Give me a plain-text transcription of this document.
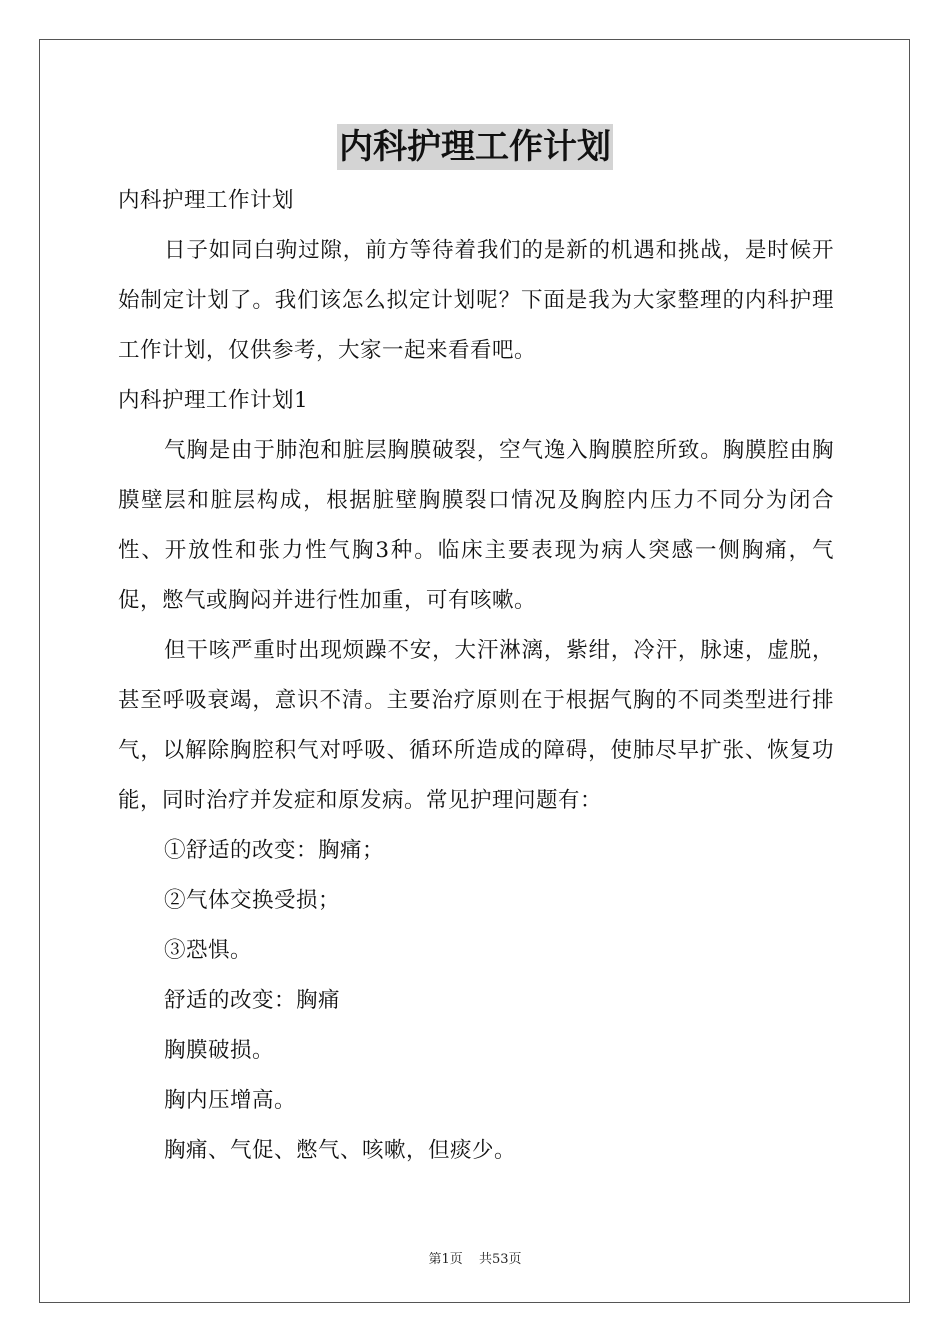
内科护理工作计划

内科护理工作计划

日子如同白驹过隙，前方等待着我们的是新的机遇和挑战，是时候开始制定计划了。我们该怎么拟定计划呢？下面是我为大家整理的内科护理工作计划，仅供参考，大家一起来看看吧。

内科护理工作计划1

气胸是由于肺泡和脏层胸膜破裂，空气逸入胸膜腔所致。胸膜腔由胸膜壁层和脏层构成，根据脏壁胸膜裂口情况及胸腔内压力不同分为闭合性、开放性和张力性气胸3种。临床主要表现为病人突感一侧胸痛，气促，憋气或胸闷并进行性加重，可有咳嗽。

但干咳严重时出现烦躁不安，大汗淋漓，紫绀，冷汗，脉速，虚脱，甚至呼吸衰竭，意识不清。主要治疗原则在于根据气胸的不同类型进行排气，以解除胸腔积气对呼吸、循环所造成的障碍，使肺尽早扩张、恢复功能，同时治疗并发症和原发病。常见护理问题有：

①舒适的改变：胸痛；

②气体交换受损；

③恐惧。

舒适的改变：胸痛

胸膜破损。

胸内压增高。

胸痛、气促、憋气、咳嗽，但痰少。

第1页 共53页
